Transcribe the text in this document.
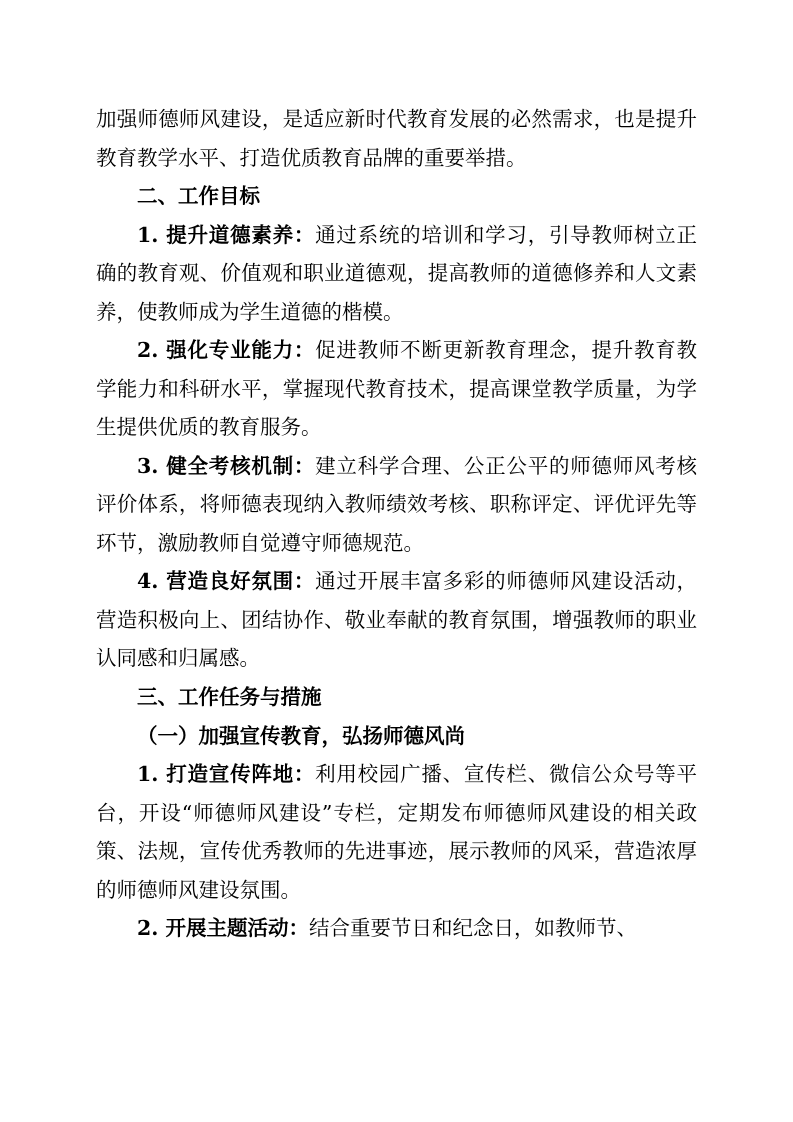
加强师德师风建设，是适应新时代教育发展的必然需求，也是提升教育教学水平、打造优质教育品牌的重要举措。

二、工作目标

1. 提升道德素养：通过系统的培训和学习，引导教师树立正确的教育观、价值观和职业道德观，提高教师的道德修养和人文素养，使教师成为学生道德的楷模。

2. 强化专业能力：促进教师不断更新教育理念，提升教育教学能力和科研水平，掌握现代教育技术，提高课堂教学质量，为学生提供优质的教育服务。

3. 健全考核机制：建立科学合理、公正公平的师德师风考核评价体系，将师德表现纳入教师绩效考核、职称评定、评优评先等环节，激励教师自觉遵守师德规范。

4. 营造良好氛围：通过开展丰富多彩的师德师风建设活动，营造积极向上、团结协作、敬业奉献的教育氛围，增强教师的职业认同感和归属感。

三、工作任务与措施

（一）加强宣传教育，弘扬师德风尚

1. 打造宣传阵地：利用校园广播、宣传栏、微信公众号等平台，开设“师德师风建设”专栏，定期发布师德师风建设的相关政策、法规，宣传优秀教师的先进事迹，展示教师的风采，营造浓厚的师德师风建设氛围。

2. 开展主题活动：结合重要节日和纪念日，如教师节、
